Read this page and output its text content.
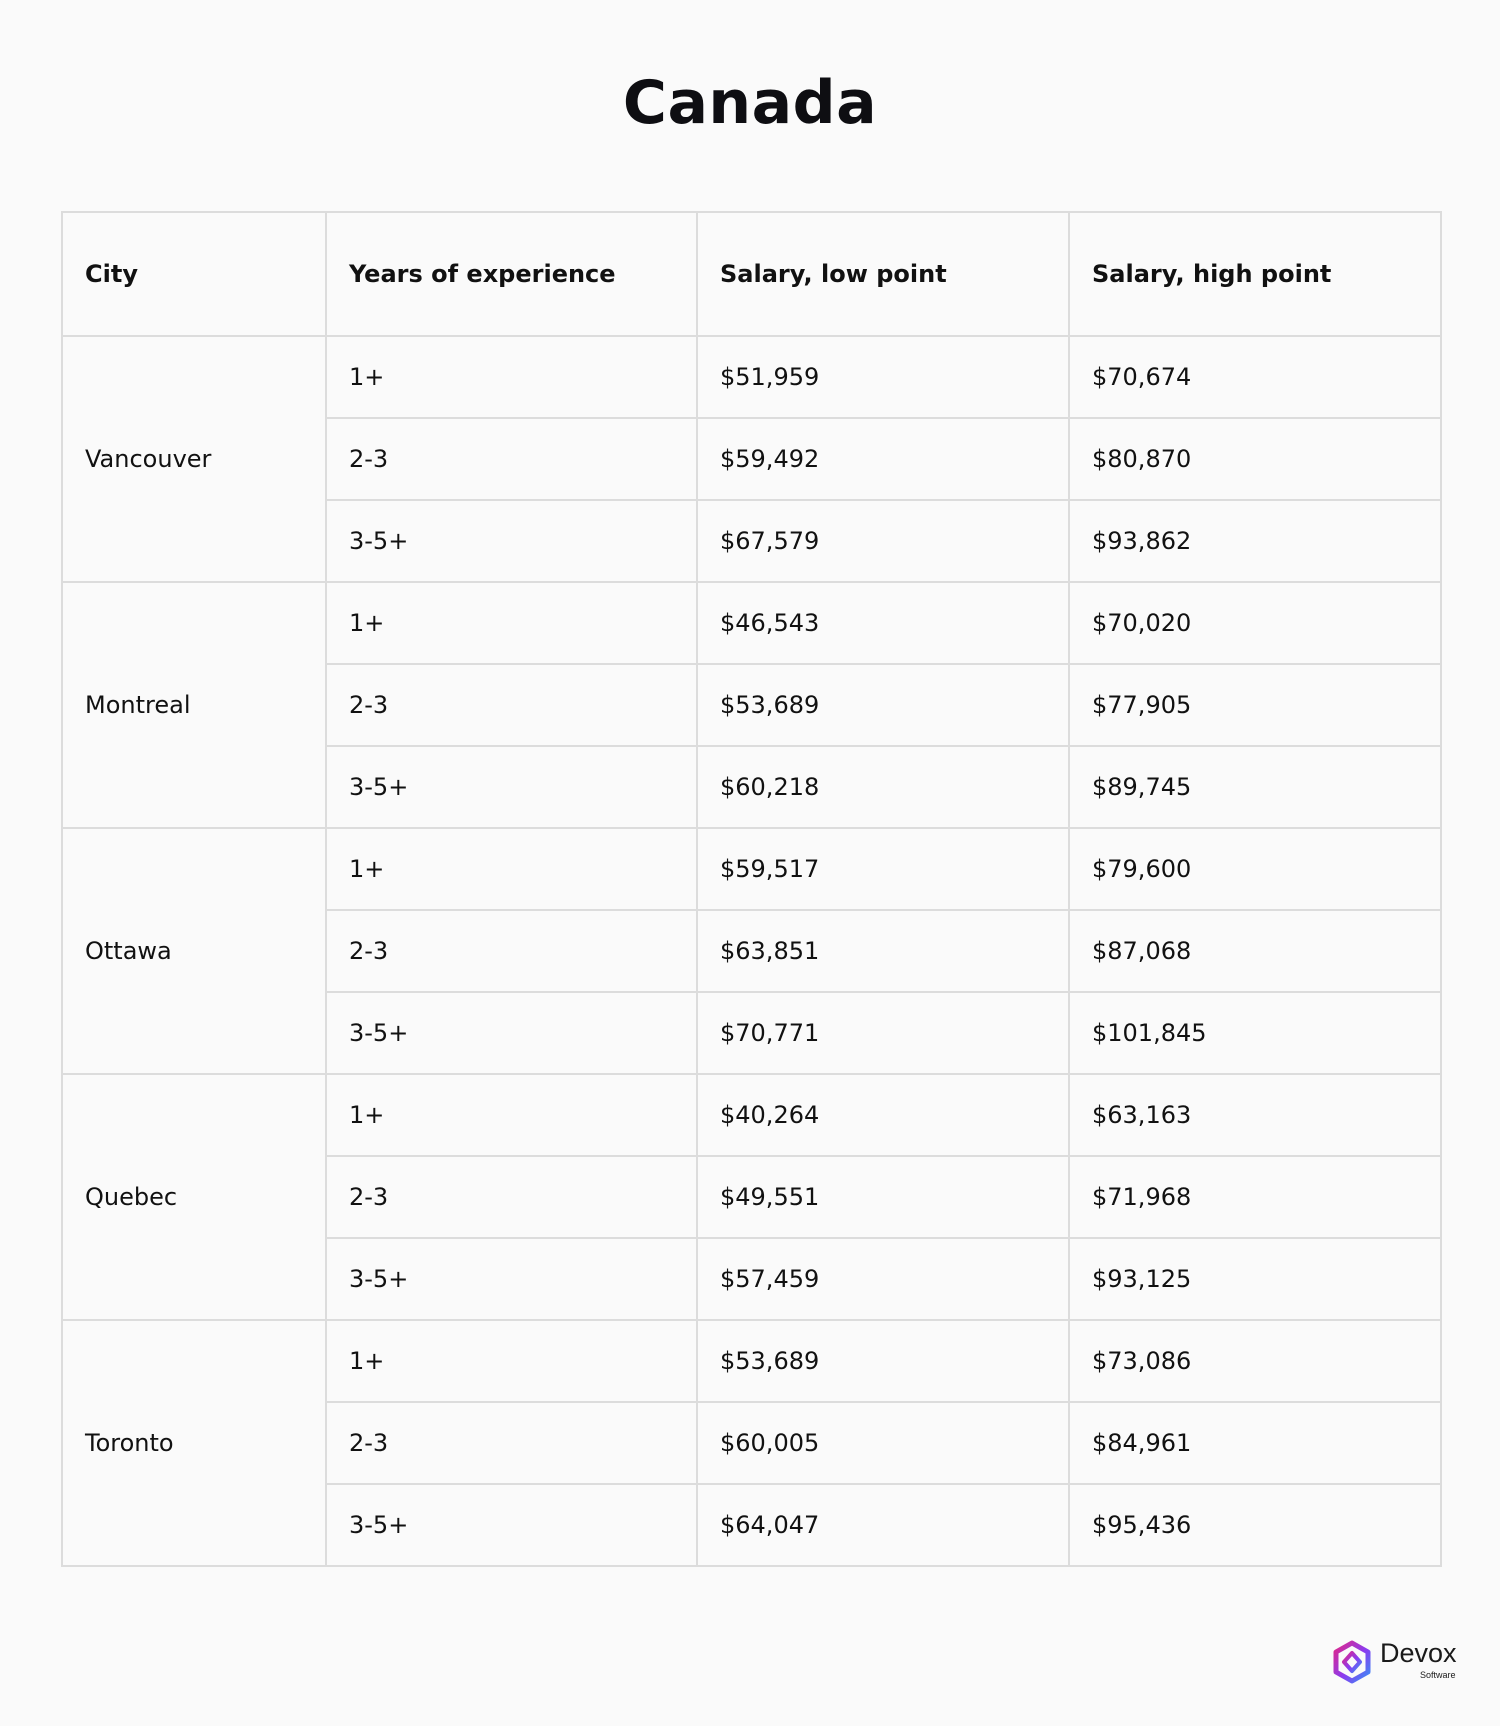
Canada
City	Years of experience	Salary, low point	Salary, high point
Vancouver	1+	$51,959	$70,674
	2-3	$59,492	$80,870
	3-5+	$67,579	$93,862
Montreal	1+	$46,543	$70,020
	2-3	$53,689	$77,905
	3-5+	$60,218	$89,745
Ottawa	1+	$59,517	$79,600
	2-3	$63,851	$87,068
	3-5+	$70,771	$101,845
Quebec	1+	$40,264	$63,163
	2-3	$49,551	$71,968
	3-5+	$57,459	$93,125
Toronto	1+	$53,689	$73,086
	2-3	$60,005	$84,961
	3-5+	$64,047	$95,436
Devox
Software
